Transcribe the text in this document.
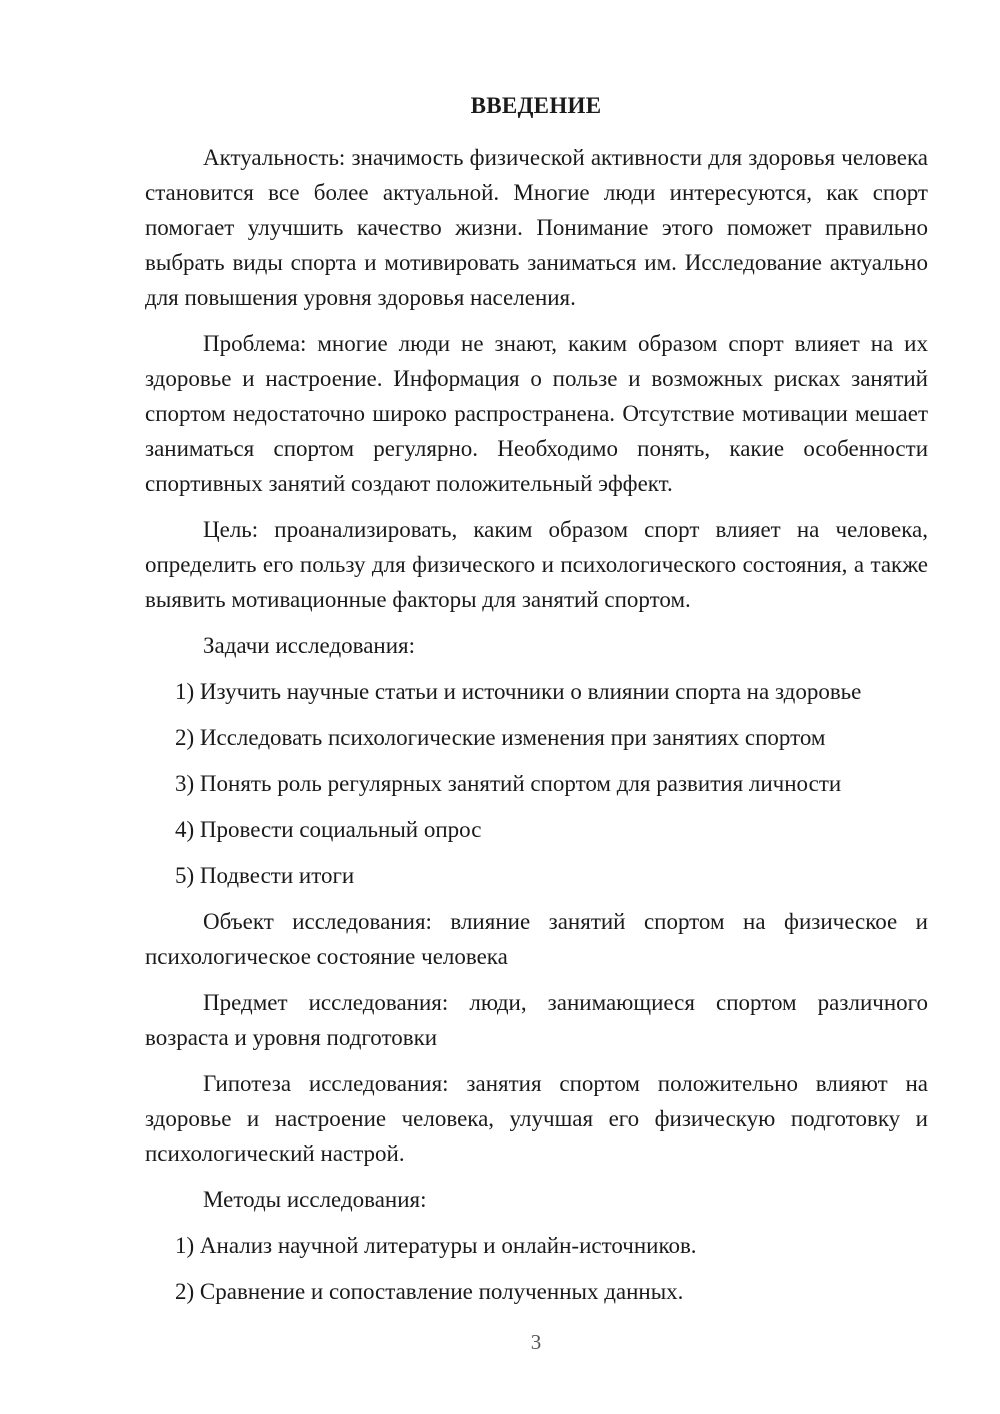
ВВЕДЕНИЕ

Актуальность: значимость физической активности для здоровья человека становится все более актуальной. Многие люди интересуются, как спорт помогает улучшить качество жизни. Понимание этого поможет правильно выбрать виды спорта и мотивировать заниматься им. Исследование актуально для повышения уровня здоровья населения.

Проблема: многие люди не знают, каким образом спорт влияет на их здоровье и настроение. Информация о пользе и возможных рисках занятий спортом недостаточно широко распространена. Отсутствие мотивации мешает заниматься спортом регулярно. Необходимо понять, какие особенности спортивных занятий создают положительный эффект.

Цель: проанализировать, каким образом спорт влияет на человека, определить его пользу для физического и психологического состояния, а также выявить мотивационные факторы для занятий спортом.

Задачи исследования:

1) Изучить научные статьи и источники о влиянии спорта на здоровье
2) Исследовать психологические изменения при занятиях спортом
3) Понять роль регулярных занятий спортом для развития личности
4) Провести социальный опрос
5) Подвести итоги

Объект исследования: влияние занятий спортом на физическое и психологическое состояние человека

Предмет исследования: люди, занимающиеся спортом различного возраста и уровня подготовки

Гипотеза исследования: занятия спортом положительно влияют на здоровье и настроение человека, улучшая его физическую подготовку и психологический настрой.

Методы исследования:

1) Анализ научной литературы и онлайн-источников.
2) Сравнение и сопоставление полученных данных.
3
